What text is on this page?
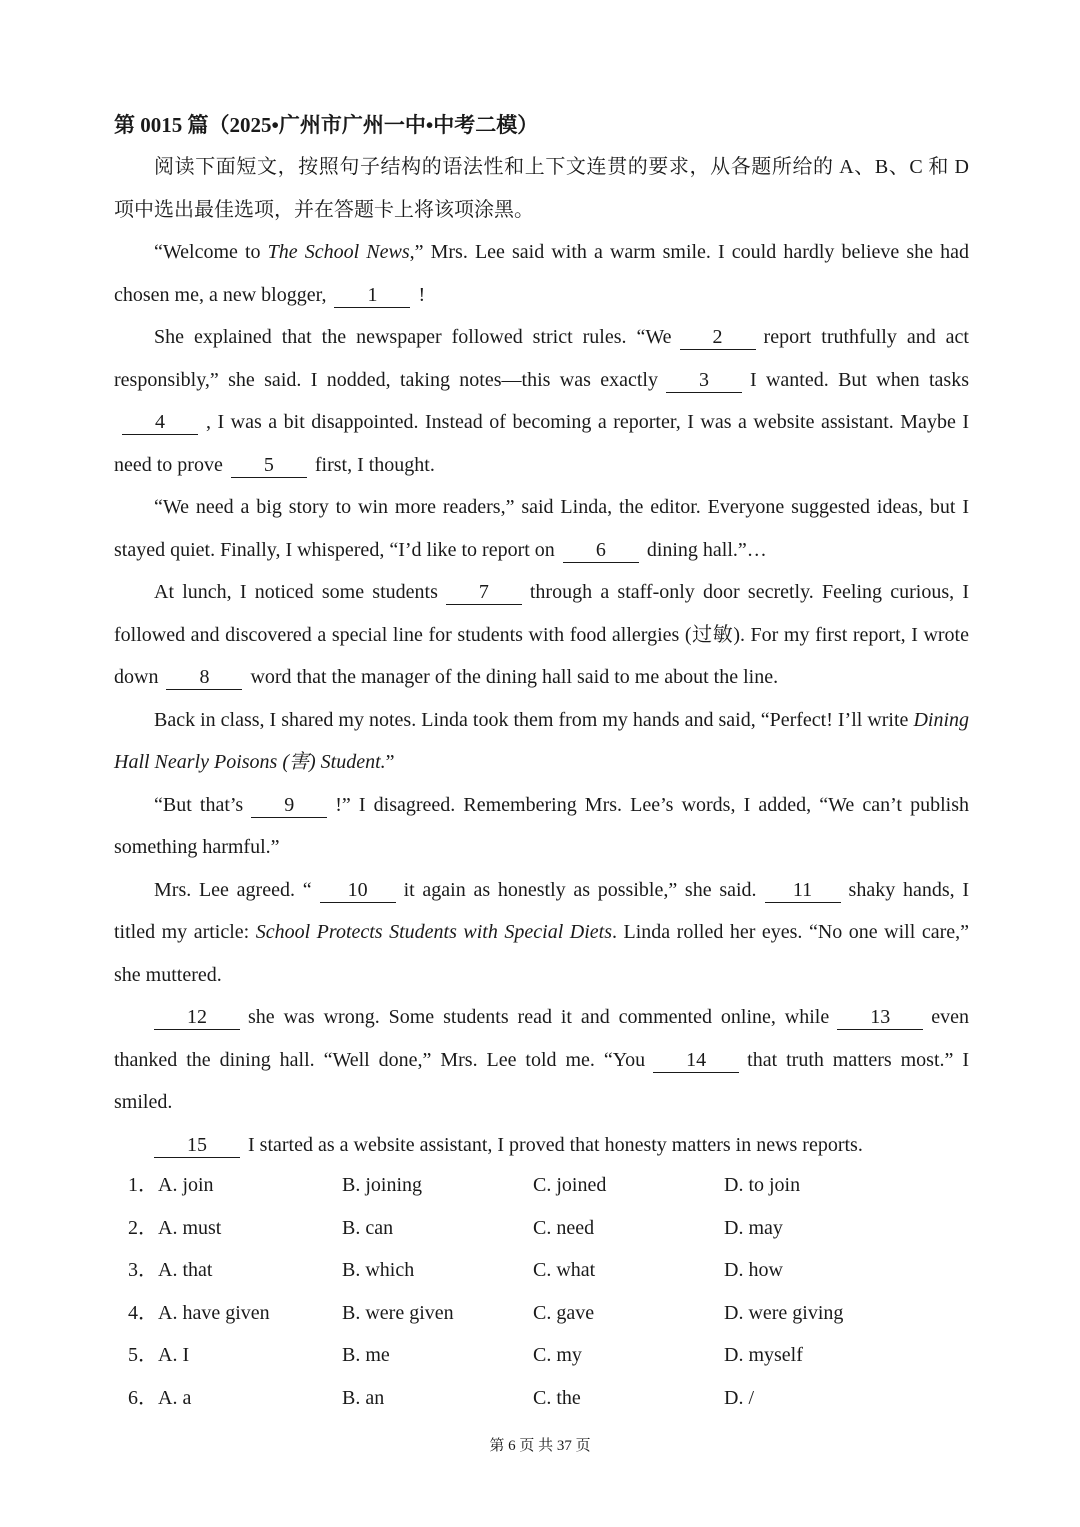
第 0015 篇（2025•广州市广州一中•中考二模）

阅读下面短文，按照句子结构的语法性和上下文连贯的要求，从各题所给的 A、B、C 和 D 项中选出最佳选项，并在答题卡上将该项涂黑。

“Welcome to The School News,” Mrs. Lee said with a warm smile. I could hardly believe she had chosen me, a new blogger, 1 !

She explained that the newspaper followed strict rules. “We 2 report truthfully and act responsibly,” she said. I nodded, taking notes—this was exactly 3 I wanted. But when tasks4 , I was a bit disappointed. Instead of becoming a reporter, I was a website assistant. Maybe I need to prove 5 first, I thought.

“We need a big story to win more readers,” said Linda, the editor. Everyone suggested ideas, but I stayed quiet. Finally, I whispered, “I’d like to report on 6 dining hall.”…

At lunch, I noticed some students 7 through a staff-only door secretly. Feeling curious, I followed and discovered a special line for students with food allergies (过敏). For my first report, I wrote down 8 word that the manager of the dining hall said to me about the line.

Back in class, I shared my notes. Linda took them from my hands and said, “Perfect! I’ll write Dining Hall Nearly Poisons (害) Student.”

“But that’s 9 !” I disagreed. Remembering Mrs. Lee’s words, I added, “We can’t publish something harmful.”

Mrs. Lee agreed. “ 10 it again as honestly as possible,” she said. 11 shaky hands, I titled my article: School Protects Students with Special Diets. Linda rolled her eyes. “No one will care,” she muttered.

12 she was wrong. Some students read it and commented online, while 13 even thanked the dining hall. “Well done,” Mrs. Lee told me. “You 14 that truth matters most.” I smiled.

15 I started as a website assistant, I proved that honesty matters in news reports.

1． A. join	B. joining	C. joined	D. to join
2． A. must	B. can	C. need	D. may
3． A. that	B. which	C. what	D. how
4． A. have given	B. were given	C. gave	D. were giving
5． A. I	B. me	C. my	D. myself
6． A. a	B. an	C. the	D. /
第 6 页 共 37 页
